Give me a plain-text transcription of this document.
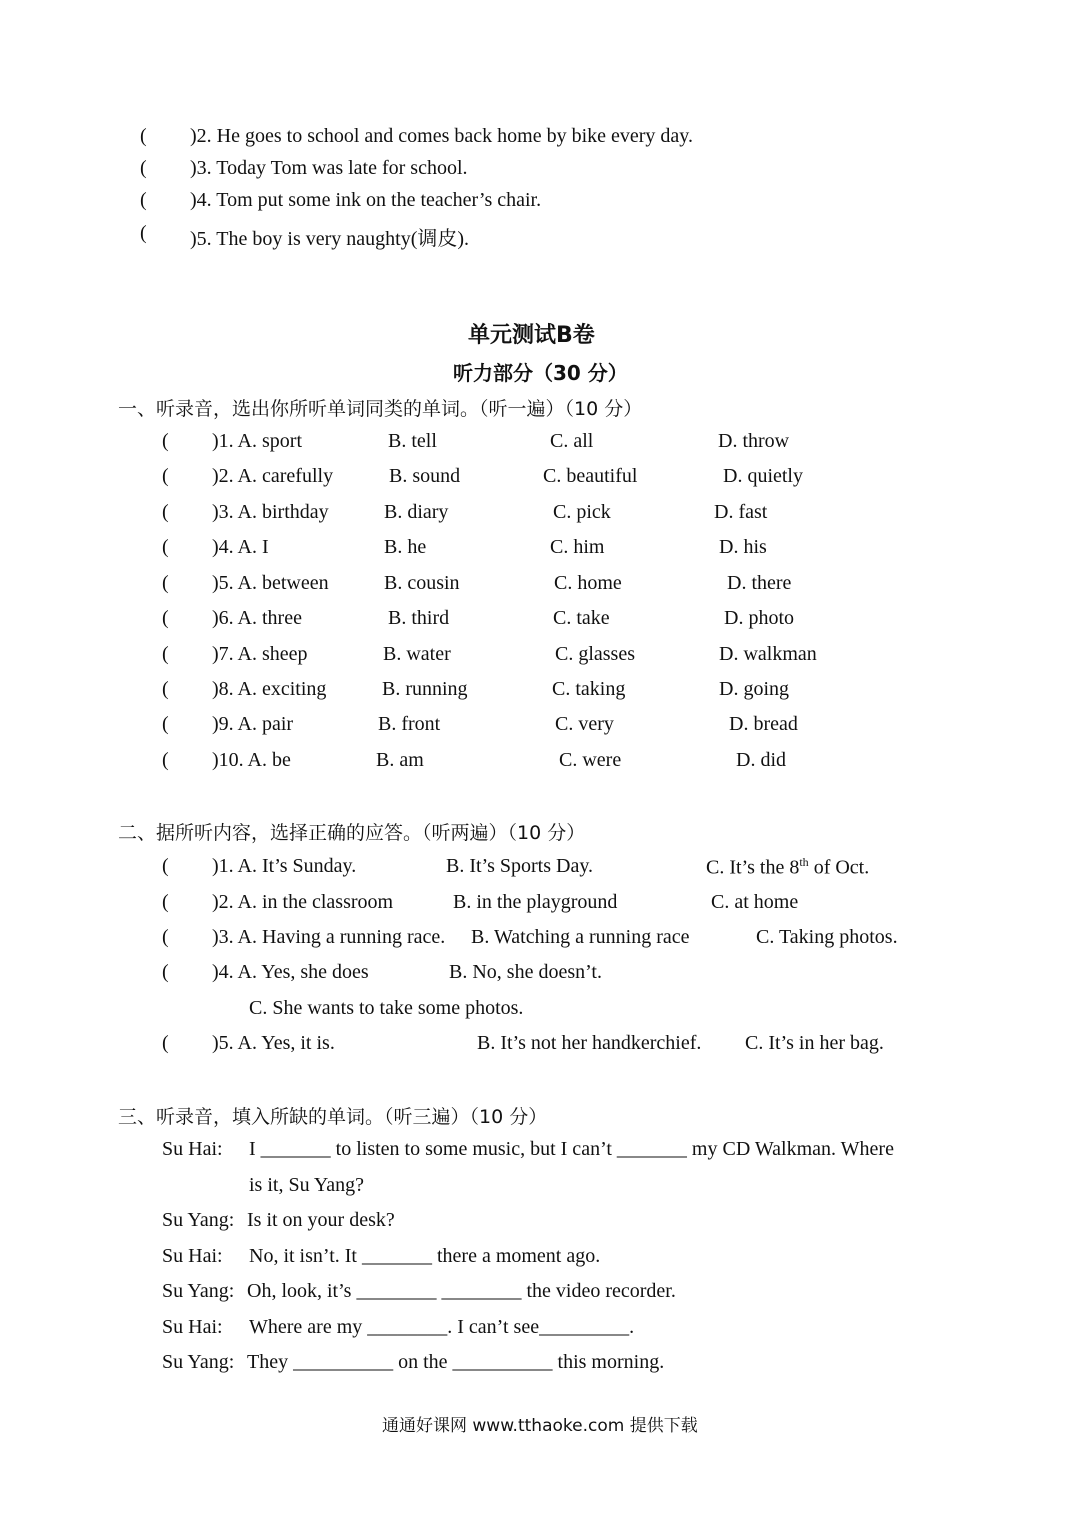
( )2. He goes to school and comes back home by bike every day.
( )3. Today Tom was late for school.
( )4. Tom put some ink on the teacher’s chair.
( )5. The boy is very naughty(调皮).
单元测试B卷
听力部分（30 分）
一、听录音，选出你所听单词同类的单词。（听一遍）（10 分）
( )1. A. sport	B. tell	C. all	D. throw
( )2. A. carefully	B. sound	C. beautiful	D. quietly
( )3. A. birthday	B. diary	C. pick	D. fast
( )4. A. I	B. he	C. him	D. his
( )5. A. between	B. cousin	C. home	D. there
( )6. A. three	B. third	C. take	D. photo
( )7. A. sheep	B. water	C. glasses	D. walkman
( )8. A. exciting	B. running	C. taking	D. going
( )9. A. pair	B. front	C. very	D. bread
( )10. A. be	B. am	C. were	D. did
二、据所听内容，选择正确的应答。（听两遍）（10 分）
( )1. A. It’s Sunday.	B. It’s Sports Day.	C. It’s the 8th of Oct.
( )2. A. in the classroom	B. in the playground	C. at home
( )3. A. Having a running race. B. Watching a running race	C. Taking photos.
( )4. A. Yes, she does	B. No, she doesn’t.
C. She wants to take some photos.
( )5. A. Yes, it is.	B. It’s not her handkerchief. C. It’s in her bag.
三、听录音，填入所缺的单词。（听三遍）（10 分）
Su Hai: I _______ to listen to some music, but I can’t _______ my CD Walkman. Where
is it, Su Yang?
Su Yang: Is it on your desk?
Su Hai: No, it isn’t. It _______ there a moment ago.
Su Yang: Oh, look, it’s ________ ________ the video recorder.
Su Hai: Where are my ________. I can’t see_________.
Su Yang: They __________ on the __________ this morning.
通通好课网 www.tthaoke.com 提供下载
